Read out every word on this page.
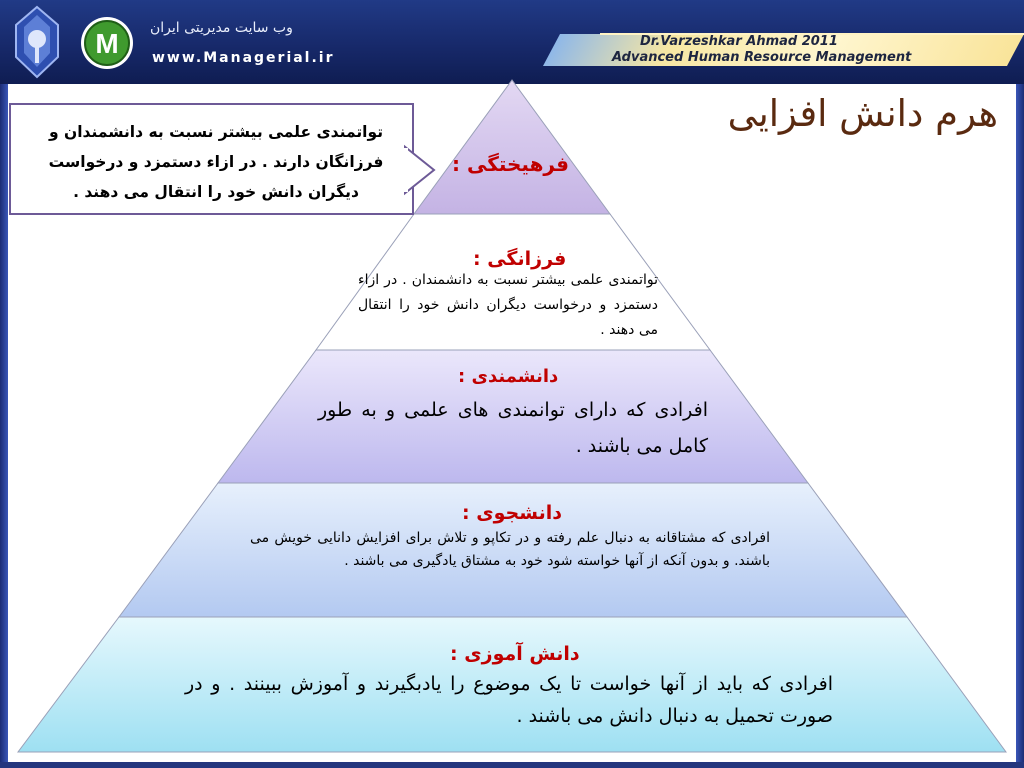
M وب سایت مدیریتی ایران
www.Managerial.ir
Dr.Varzeshkar Ahmad 2011
Advanced Human Resource Management
هرم دانش افزایی
فرهیختگی :
فرزانگی :
تواتمندی علمی بیشتر نسبت به دانشمندان . در ازاء دستمزد و درخواست دیگران دانش خود را انتقال می دهند .
دانشمندی :
افرادی که دارای توانمندی های علمی و به طور کامل می باشند .
دانشجوی :
افرادی که مشتاقانه به دنبال علم رفته و در تکاپو و تلاش برای افزایش دانایی خویش می باشند. و بدون آنکه از آنها خواسته شود خود به مشتاق یادگیری می باشند .
دانش آموزی :
افرادی که باید از آنها خواست تا یک موضوع را یادبگیرند و آموزش ببینند . و در صورت تحمیل به دنبال دانش می باشند .
تواتمندی علمی بیشتر نسبت به دانشمندان و فرزانگان دارند . در ازاء دستمزد و درخواست دیگران دانش خود را انتقال می دهند .
